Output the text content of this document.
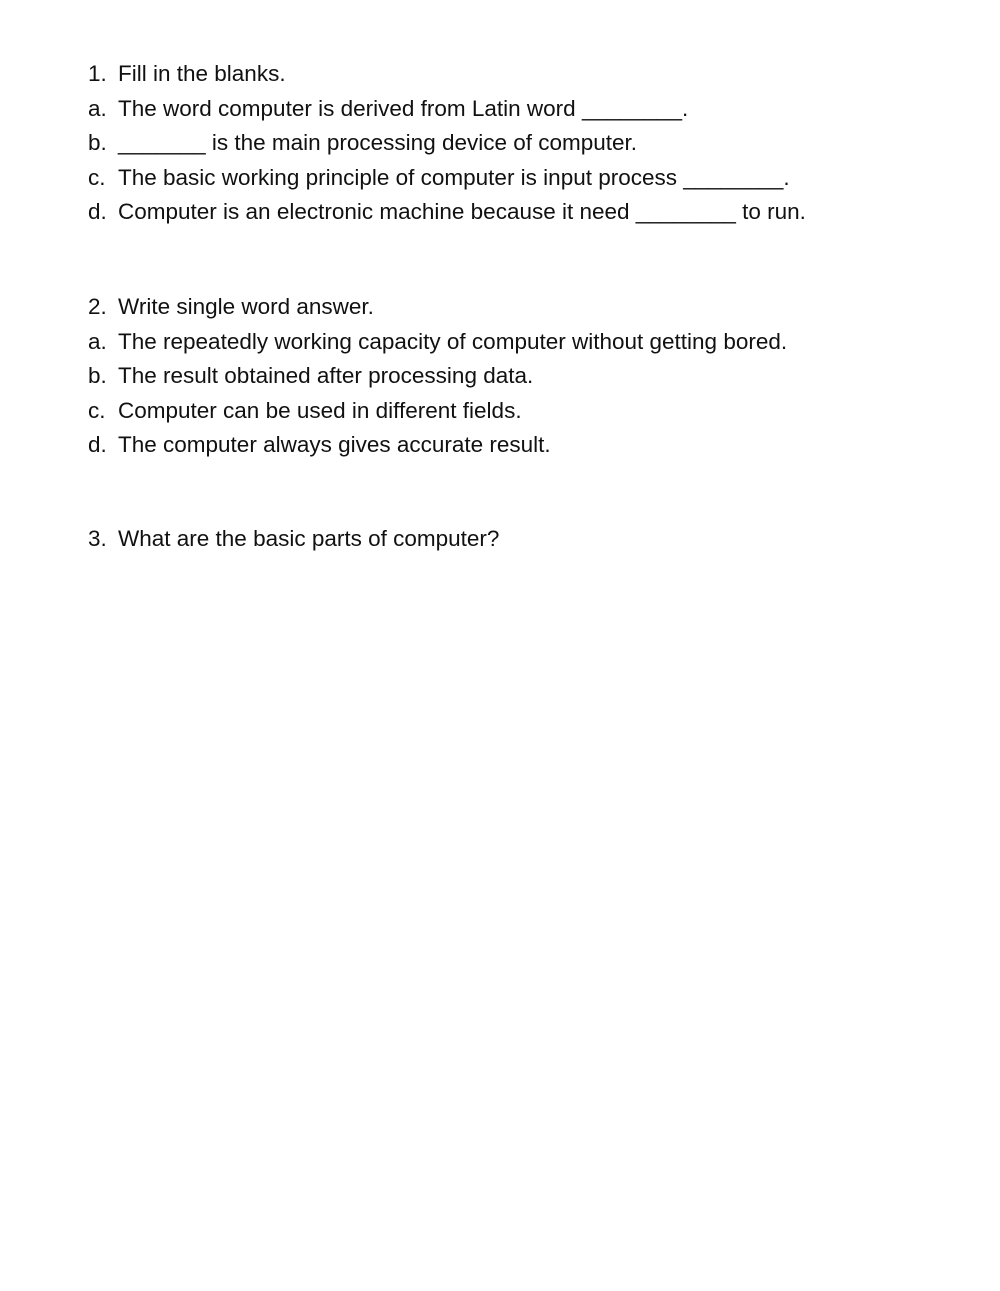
1. Fill in the blanks.
a. The word computer is derived from Latin word ________.
b. _______ is the main processing device of computer.
c. The basic working principle of computer is input process ________.
d. Computer is an electronic machine because it need ________ to run.
2. Write single word answer.
a. The repeatedly working capacity of computer without getting bored.
b. The result obtained after processing data.
c. Computer can be used in different fields.
d. The computer always gives accurate result.
3. What are the basic parts of computer?
